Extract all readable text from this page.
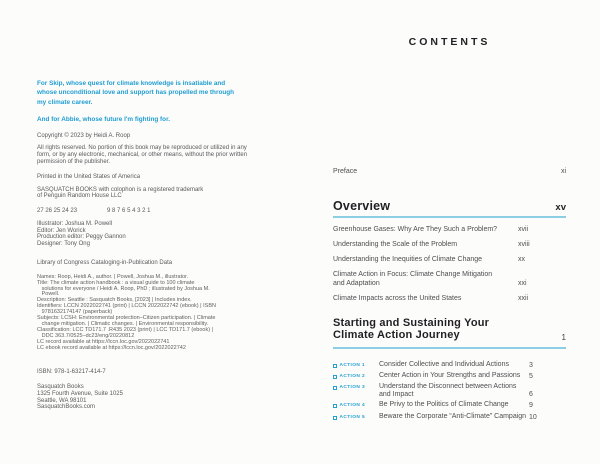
For Skip, whose quest for climate knowledge is insatiable and whose unconditional love and support has propelled me through my climate career.
And for Abbie, whose future I'm fighting for.
Copyright © 2023 by Heidi A. Roop
All rights reserved. No portion of this book may be reproduced or utilized in any form, or by any electronic, mechanical, or other means, without the prior written permission of the publisher.
Printed in the United States of America
SASQUATCH BOOKS with colophon is a registered trademark of Penguin Random House LLC
27 26 25 24 23	9 8 7 6 5 4 3 2 1
Illustrator: Joshua M. Powell
Editor: Jen Worick
Production editor: Peggy Gannon
Designer: Tony Ong
Library of Congress Cataloging-in-Publication Data
Names: Roop, Heidi A., author. | Powell, Joshua M., illustrator.
Title: The climate action handbook : a visual guide to 100 climate
solutions for everyone / Heidi A. Roop, PhD ; illustrated by Joshua M.
Powell.
Description: Seattle : Sasquatch Books, [2023] | Includes index.
Identifiers: LCCN 2022022741 (print) | LCCN 2022022742 (ebook) | ISBN
9781632174147 (paperback)
Subjects: LCSH: Environmental protection–Citizen participation. | Climate
change mitigation. | Climatic changes. | Environmental responsibility.
Classification: LCC TD171.7 .R435 2023 (print) | LCC TD171.7 (ebook) |
DDC 363.7/0525–dc23/eng/20220812
LC record available at https://lccn.loc.gov/2022022741
LC ebook record available at https://lccn.loc.gov/2022022742
ISBN: 978-1-63217-414-7
Sasquatch Books
1325 Fourth Avenue, Suite 1025
Seattle, WA 98101
SasquatchBooks.com
CONTENTS
Preface	xi
Overview	xv
Greenhouse Gases: Why Are They Such a Problem?	xvii
Understanding the Scale of the Problem	xviii
Understanding the Inequities of Climate Change	xx
Climate Action in Focus: Climate Change Mitigation
and Adaptation	xxi
Climate Impacts across the United States	xxii
Starting and Sustaining Your
Climate Action Journey	1
ACTION 1 Consider Collective and Individual Actions	3
ACTION 2 Center Action in Your Strengths and Passions	5
ACTION 3 Understand the Disconnect between Actions
and Impact	6
ACTION 4 Be Privy to the Politics of Climate Change	9
ACTION 5 Beware the Corporate “Anti-Climate” Campaign 10
